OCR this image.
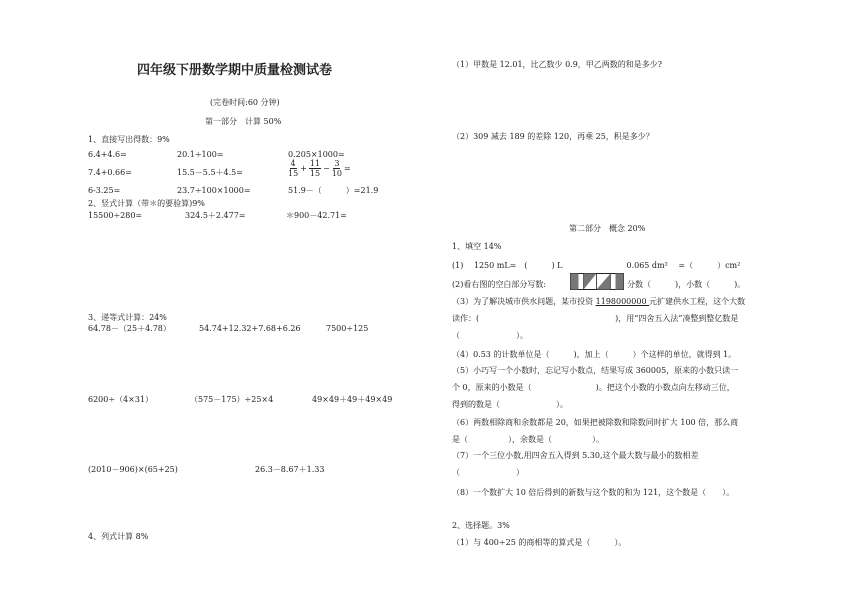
四年级下册数学期中质量检测试卷
(完卷时间:60 分钟)
第一部分　计算 50%
1、直接写出得数：9%
6.4+4.6=	20.1÷100=	0.205×1000=
7.4+0.66=	15.5－5.5＋4.5=	$\frac{4}{15} + \frac{11}{15} - \frac{3}{10}$ =
6-3.25=	23.7÷100×1000=	51.9－（　　　）=21.9
2、竖式计算（带＊的要验算)9%
15500÷280=	324.5＋2.477=	＊900－42.71=
3、递等式计算：24%
64.78－（25＋4.78）	54.74+12.32+7.68+6.26	7500÷125
6200÷（4×31）	（575－175）÷25×4	49×49＋49＋49×49
(2010－906)×(65+25)	26.3－8.67＋1.33
4、列式计算 8%
（1）甲数是 12.01，比乙数少 0.9，甲乙两数的和是多少?
（2）309 减去 189 的差除 120，再乘 25，积是多少？
第二部分　概念 20%
1、填空 14%
(1)　 1250 mL=　(　　　) L　　　　　　　　0.065 dm²　 =（　　　）cm²
(2)看右图的空白部分写数:	分数（　　　)，小数（　　　)。
（3）为了解决城市供水问题，某市投资 1198000000 元扩建供水工程，这个大数
读作：(　　　　　　　　　　　　　　　　　)，用“四舍五入法”凑整到整亿数是
（　　　　　　　）。
（4）0.53 的计数单位是（　　　)，加上（　　　）个这样的单位，就得到 1。
（5）小巧写一个小数时，忘记写小数点，结果写成 360005，原来的小数只读一
个 0，原来的小数是（　　　　　　　　)。把这个小数的小数点向左移动三位，
得到的数是（　　　　　　　）。
（6）两数相除商和余数都是 20，如果把被除数和除数同时扩大 100 倍，那么商
是（　　　　　），余数是（　　　　　）。
（7）一个三位小数,用四舍五入得到 5.30,这个最大数与最小的数相差
（　　　　　　　）
（8）一个数扩大 10 倍后得到的新数与这个数的和为 121，这个数是（　　）。
2、选择题。3%
（1）与 400÷25 的商相等的算式是（　　　）。
